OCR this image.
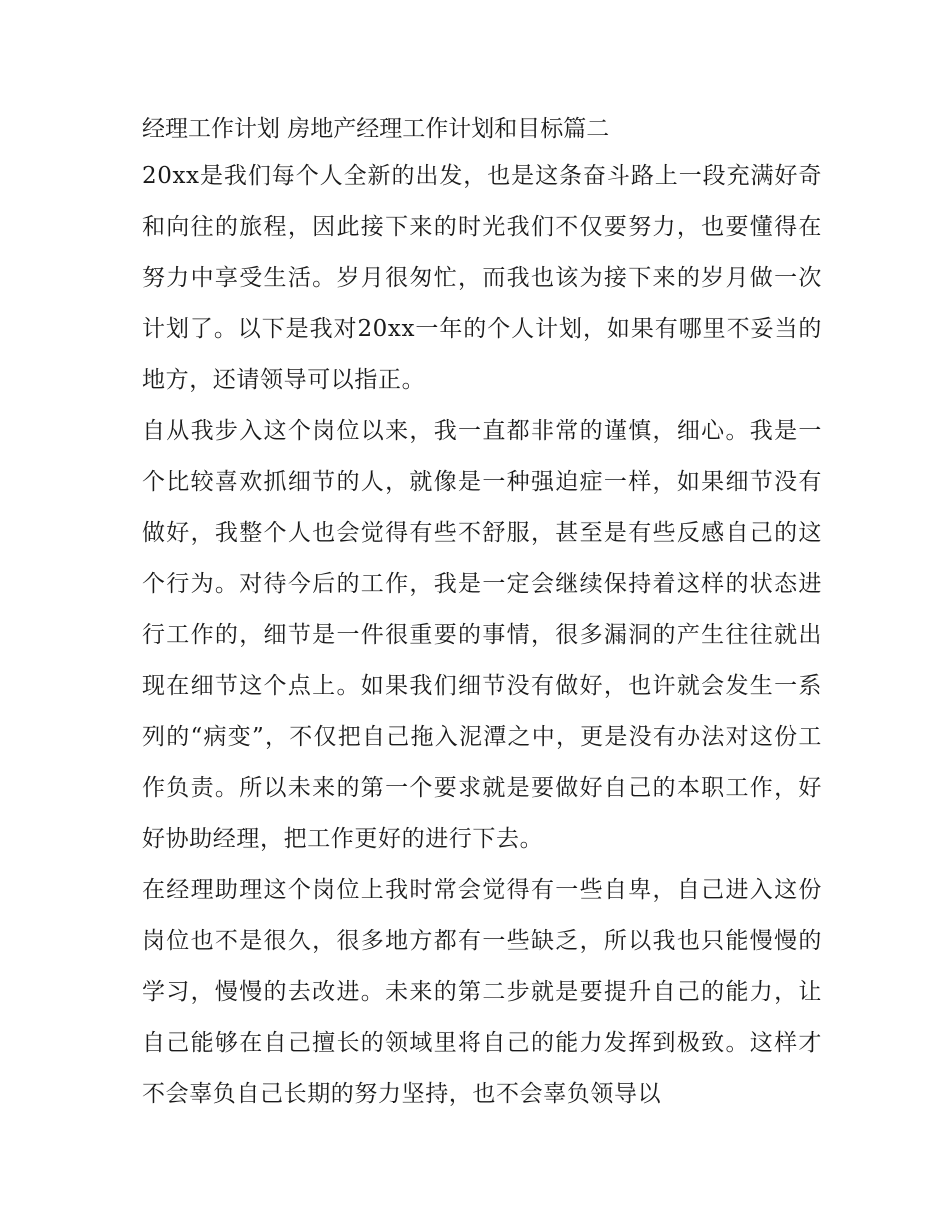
经理工作计划 房地产经理工作计划和目标篇二

20xx是我们每个人全新的出发，也是这条奋斗路上一段充满好奇和向往的旅程，因此接下来的时光我们不仅要努力，也要懂得在努力中享受生活。岁月很匆忙，而我也该为接下来的岁月做一次计划了。以下是我对20xx一年的个人计划，如果有哪里不妥当的地方，还请领导可以指正。

自从我步入这个岗位以来，我一直都非常的谨慎，细心。我是一个比较喜欢抓细节的人，就像是一种强迫症一样，如果细节没有做好，我整个人也会觉得有些不舒服，甚至是有些反感自己的这个行为。对待今后的工作，我是一定会继续保持着这样的状态进行工作的，细节是一件很重要的事情，很多漏洞的产生往往就出现在细节这个点上。如果我们细节没有做好，也许就会发生一系列的“病变”，不仅把自己拖入泥潭之中，更是没有办法对这份工作负责。所以未来的第一个要求就是要做好自己的本职工作，好好协助经理，把工作更好的进行下去。

在经理助理这个岗位上我时常会觉得有一些自卑，自己进入这份岗位也不是很久，很多地方都有一些缺乏，所以我也只能慢慢的学习，慢慢的去改进。未来的第二步就是要提升自己的能力，让自己能够在自己擅长的领域里将自己的能力发挥到极致。这样才不会辜负自己长期的努力坚持，也不会辜负领导以
